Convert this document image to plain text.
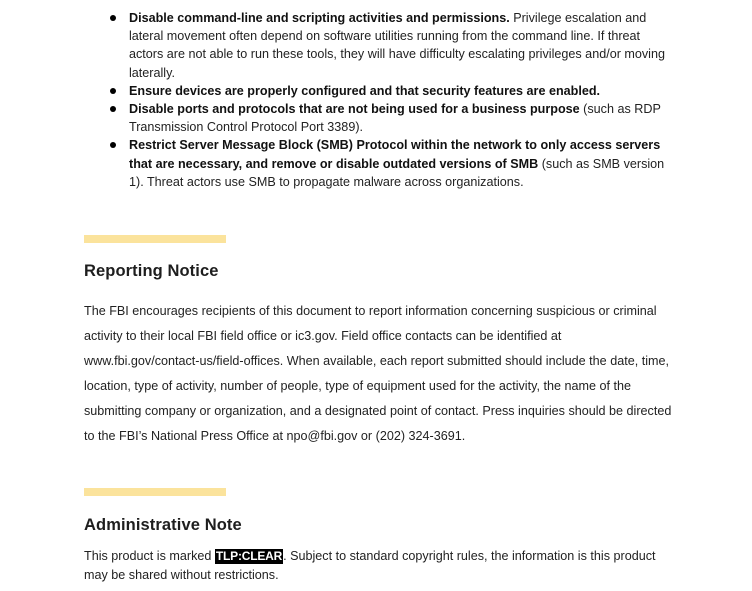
Disable command-line and scripting activities and permissions. Privilege escalation and lateral movement often depend on software utilities running from the command line. If threat actors are not able to run these tools, they will have difficulty escalating privileges and/or moving laterally.
Ensure devices are properly configured and that security features are enabled.
Disable ports and protocols that are not being used for a business purpose (such as RDP Transmission Control Protocol Port 3389).
Restrict Server Message Block (SMB) Protocol within the network to only access servers that are necessary, and remove or disable outdated versions of SMB (such as SMB version 1). Threat actors use SMB to propagate malware across organizations.
Reporting Notice

The FBI encourages recipients of this document to report information concerning suspicious or criminal activity to their local FBI field office or ic3.gov. Field office contacts can be identified at www.fbi.gov/contact-us/field-offices. When available, each report submitted should include the date, time, location, type of activity, number of people, type of equipment used for the activity, the name of the submitting company or organization, and a designated point of contact. Press inquiries should be directed to the FBI’s National Press Office at npo@fbi.gov or (202) 324-3691.

Administrative Note

This product is marked TLP:CLEAR. Subject to standard copyright rules, the information is this product may be shared without restrictions.
